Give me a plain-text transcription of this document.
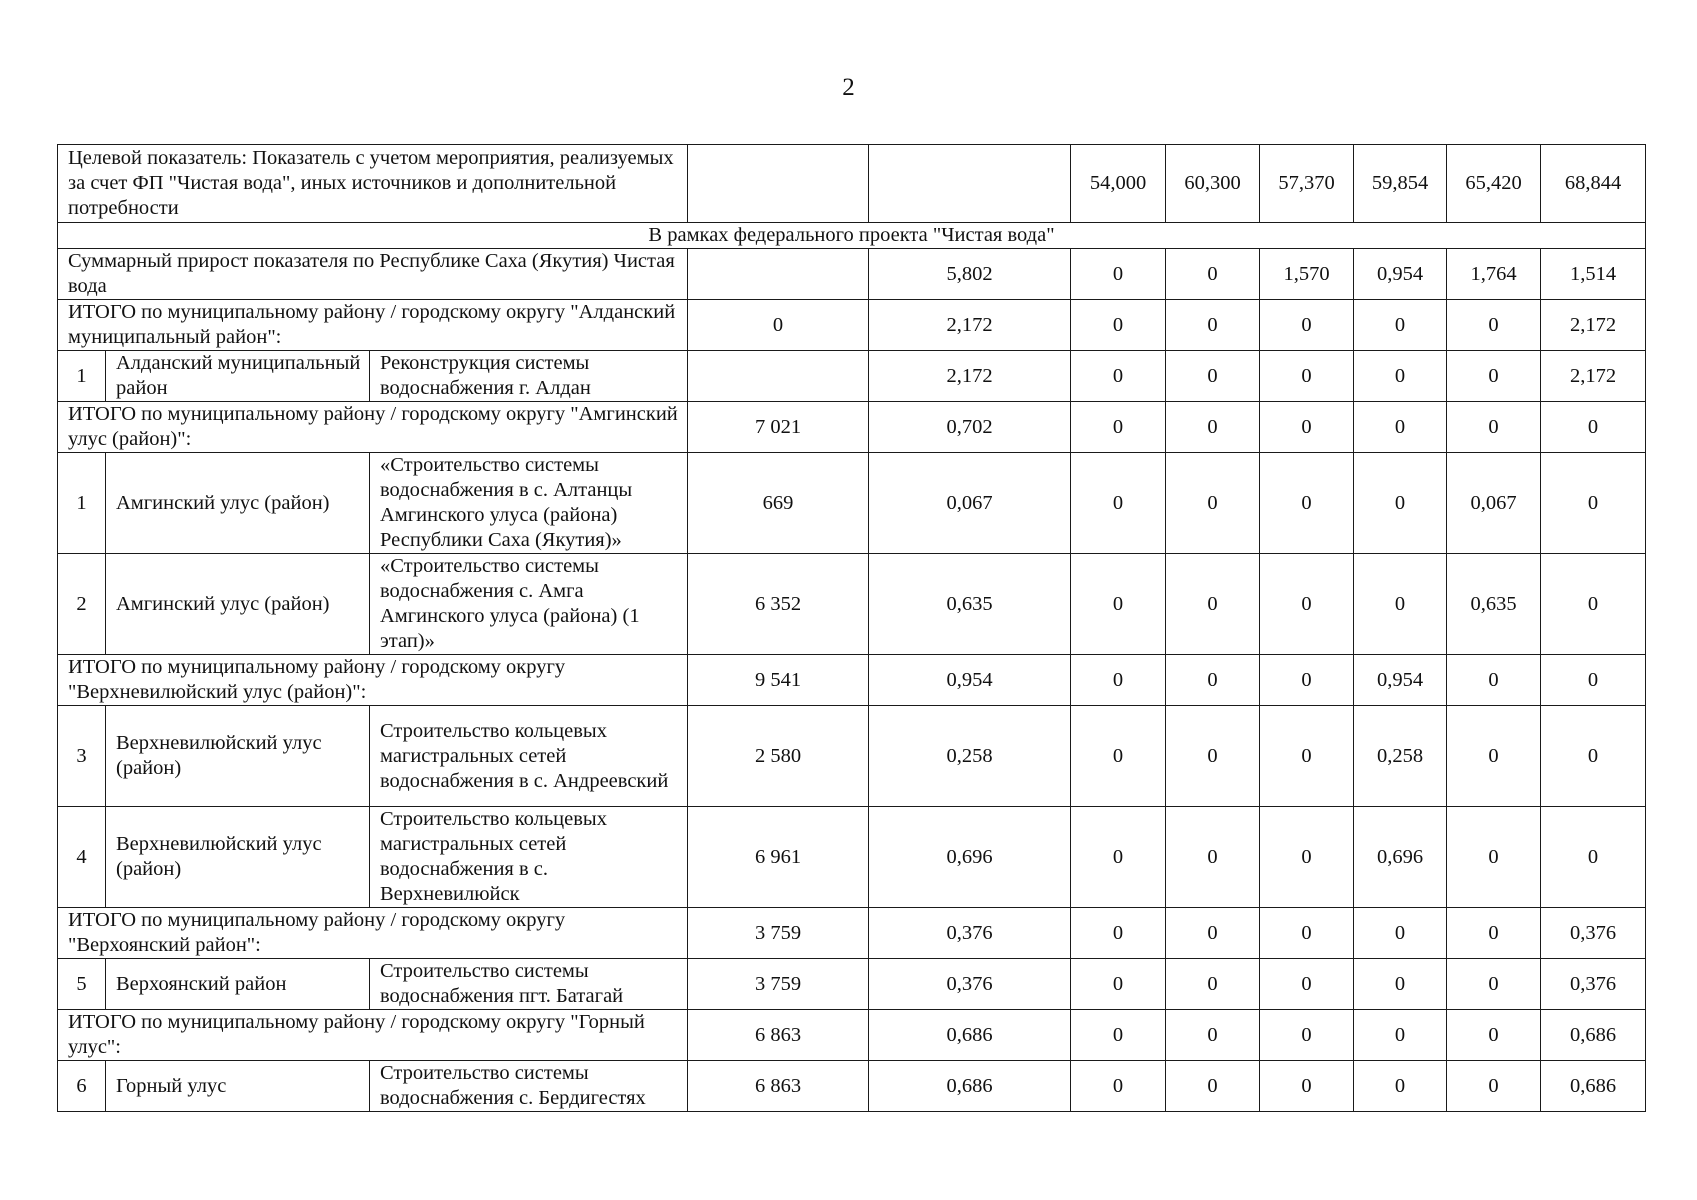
2
Целевой показатель: Показатель с учетом мероприятия, реализуемых за счет ФП "Чистая вода", иных источников и дополнительной потребности					54,000	60,300	57,370	59,854	65,420	68,844
В рамках федерального проекта "Чистая вода"										
Суммарный прирост показателя по Республике Саха (Якутия) Чистая вода				5,802	0	0	1,570	0,954	1,764	1,514
ИТОГО по муниципальному району / городскому округу "Алданский муниципальный район":			0	2,172	0	0	0	0	0	2,172
1	Алданский муниципальный район	Реконструкция системы водоснабжения г. Алдан		2,172	0	0	0	0	0	2,172
ИТОГО по муниципальному району / городскому округу "Амгинский улус (район)":			7 021	0,702	0	0	0	0	0	0
1	Амгинский улус (район)	«Строительство системы водоснабжения в с. Алтанцы Амгинского улуса (района) Республики Саха (Якутия)»	669	0,067	0	0	0	0	0,067	0
2	Амгинский улус (район)	«Строительство системы водоснабжения с. Амга Амгинского улуса (района) (1 этап)»	6 352	0,635	0	0	0	0	0,635	0
ИТОГО по муниципальному району / городскому округу "Верхневилюйский улус (район)":			9 541	0,954	0	0	0	0,954	0	0
3	Верхневилюйский улус (район)	Строительство кольцевых магистральных сетей водоснабжения в с. Андреевский	2 580	0,258	0	0	0	0,258	0	0
4	Верхневилюйский улус (район)	Строительство кольцевых магистральных сетей водоснабжения в с. Верхневилюйск	6 961	0,696	0	0	0	0,696	0	0
ИТОГО по муниципальному району / городскому округу "Верхоянский район":			3 759	0,376	0	0	0	0	0	0,376
5	Верхоянский район	Строительство системы водоснабжения пгт. Батагай	3 759	0,376	0	0	0	0	0	0,376
ИТОГО по муниципальному району / городскому округу "Горный улус":			6 863	0,686	0	0	0	0	0	0,686
6	Горный улус	Строительство системы водоснабжения с. Бердигестях	6 863	0,686	0	0	0	0	0	0,686
